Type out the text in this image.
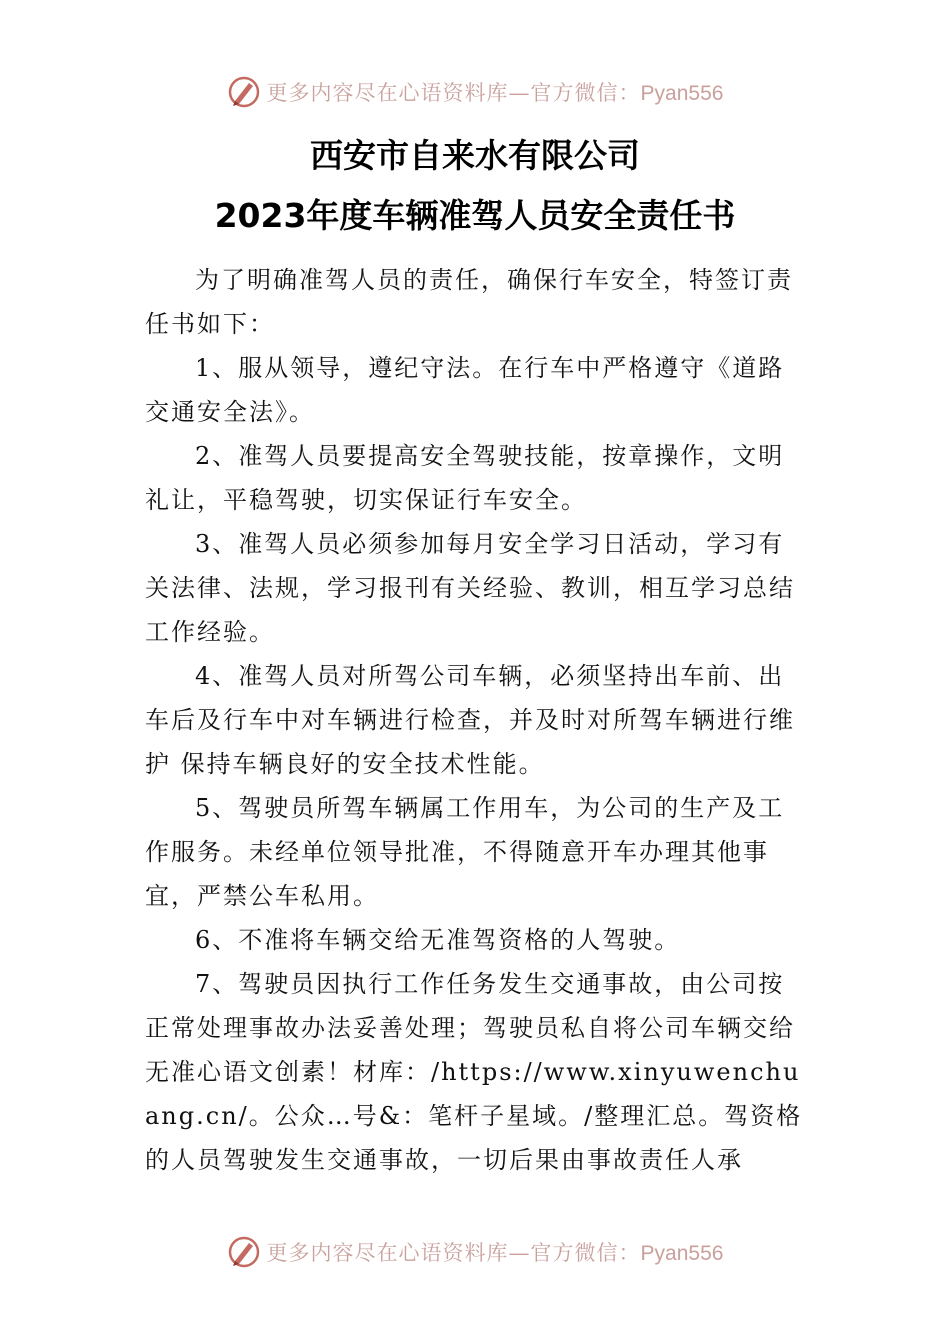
更多内容尽在心语资料库—官方微信：Pyan556
西安市自来水有限公司
2023年度车辆准驾人员安全责任书

为了明确准驾人员的责任，确保行车安全，特签订责任书如下：

1、服从领导，遵纪守法。在行车中严格遵守《道路交通安全法》。

2、准驾人员要提高安全驾驶技能，按章操作，文明礼让，平稳驾驶，切实保证行车安全。

3、准驾人员必须参加每月安全学习日活动，学习有关法律、法规，学习报刊有关经验、教训，相互学习总结工作经验。

4、准驾人员对所驾公司车辆，必须坚持出车前、出车后及行车中对车辆进行检查，并及时对所驾车辆进行维护 保持车辆良好的安全技术性能。

5、驾驶员所驾车辆属工作用车，为公司的生产及工作服务。未经单位领导批准，不得随意开车办理其他事宜，严禁公车私用。

6、不准将车辆交给无准驾资格的人驾驶。

7、驾驶员因执行工作任务发生交通事故，由公司按正常处理事故办法妥善处理；驾驶员私自将公司车辆交给无准心语文创素！材库：/https://www.xinyuwenchuang.cn/。公众…号&：笔杆子星域。/整理汇总。驾资格的人员驾驶发生交通事故，一切后果由事故责任人承

更多内容尽在心语资料库—官方微信：Pyan556
